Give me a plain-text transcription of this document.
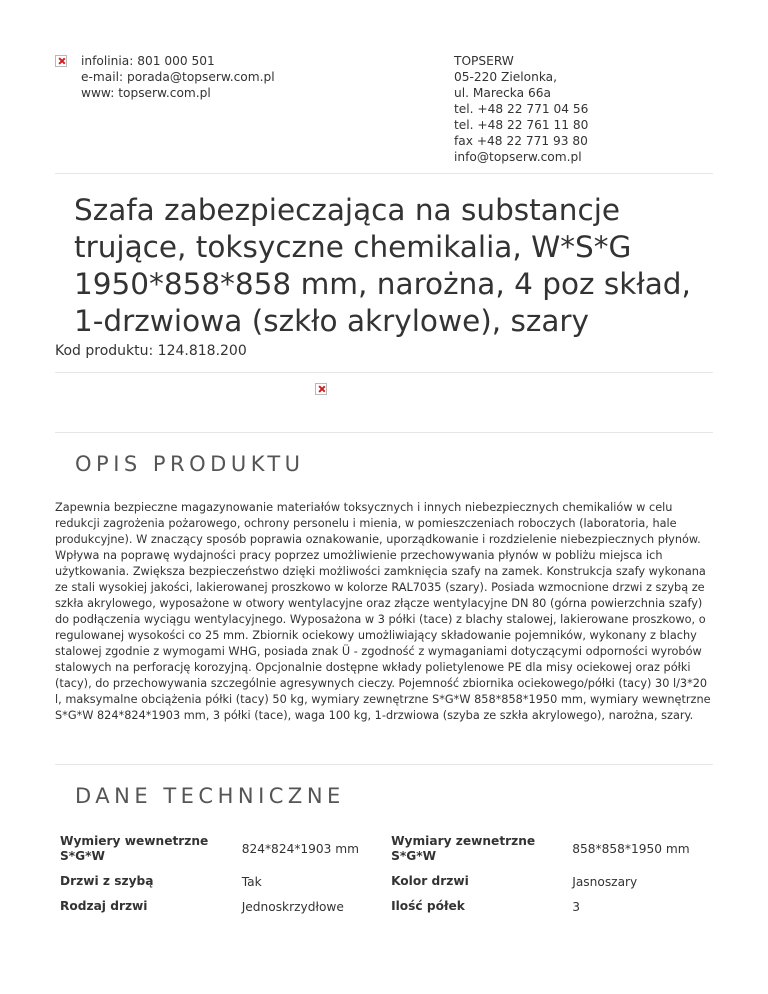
infolinia: 801 000 501
e-mail: porada@topserw.com.pl
www: topserw.com.pl
TOPSERW
05-220 Zielonka,
ul. Marecka 66a
tel. +48 22 771 04 56
tel. +48 22 761 11 80
fax +48 22 771 93 80
info@topserw.com.pl
Szafa zabezpieczająca na substancje trujące, toksyczne chemikalia, W*S*G 1950*858*858 mm, narożna, 4 poz skład, 1-drzwiowa (szkło akrylowe), szary
Kod produktu: 124.818.200
OPIS PRODUKTU

Zapewnia bezpieczne magazynowanie materiałów toksycznych i innych niebezpiecznych chemikaliów w celu redukcji zagrożenia pożarowego, ochrony personelu i mienia, w pomieszczeniach roboczych (laboratoria, hale produkcyjne). W znaczący sposób poprawia oznakowanie, uporządkowanie i rozdzielenie niebezpiecznych płynów. Wpływa na poprawę wydajności pracy poprzez umożliwienie przechowywania płynów w pobliżu miejsca ich użytkowania. Zwiększa bezpieczeństwo dzięki możliwości zamknięcia szafy na zamek. Konstrukcja szafy wykonana ze stali wysokiej jakości, lakierowanej proszkowo w kolorze RAL7035 (szary). Posiada wzmocnione drzwi z szybą ze szkła akrylowego, wyposażone w otwory wentylacyjne oraz złącze wentylacyjne DN 80 (górna powierzchnia szafy) do podłączenia wyciągu wentylacyjnego. Wyposażona w 3 półki (tace) z blachy stalowej, lakierowane proszkowo, o regulowanej wysokości co 25 mm. Zbiornik ociekowy umożliwiający składowanie pojemników, wykonany z blachy stalowej zgodnie z wymogami WHG, posiada znak Ü - zgodność z wymaganiami dotyczącymi odporności wyrobów stalowych na perforację korozyjną. Opcjonalnie dostępne wkłady polietylenowe PE dla misy ociekowej oraz półki (tacy), do przechowywania szczególnie agresywnych cieczy. Pojemność zbiornika ociekowego/półki (tacy) 30 l/3*20 l, maksymalne obciążenia półki (tacy) 50 kg, wymiary zewnętrzne S*G*W 858*858*1950 mm, wymiary wewnętrzne S*G*W 824*824*1903 mm, 3 półki (tace), waga 100 kg, 1-drzwiowa (szyba ze szkła akrylowego), narożna, szary.

DANE TECHNICZNE
Wymiery wewnetrzne S*G*W	824*824*1903 mm	Wymiary zewnetrzne S*G*W	858*858*1950 mm
Drzwi z szybą	Tak	Kolor drzwi	Jasnoszary
Rodzaj drzwi	Jednoskrzydłowe	Ilość półek	3
